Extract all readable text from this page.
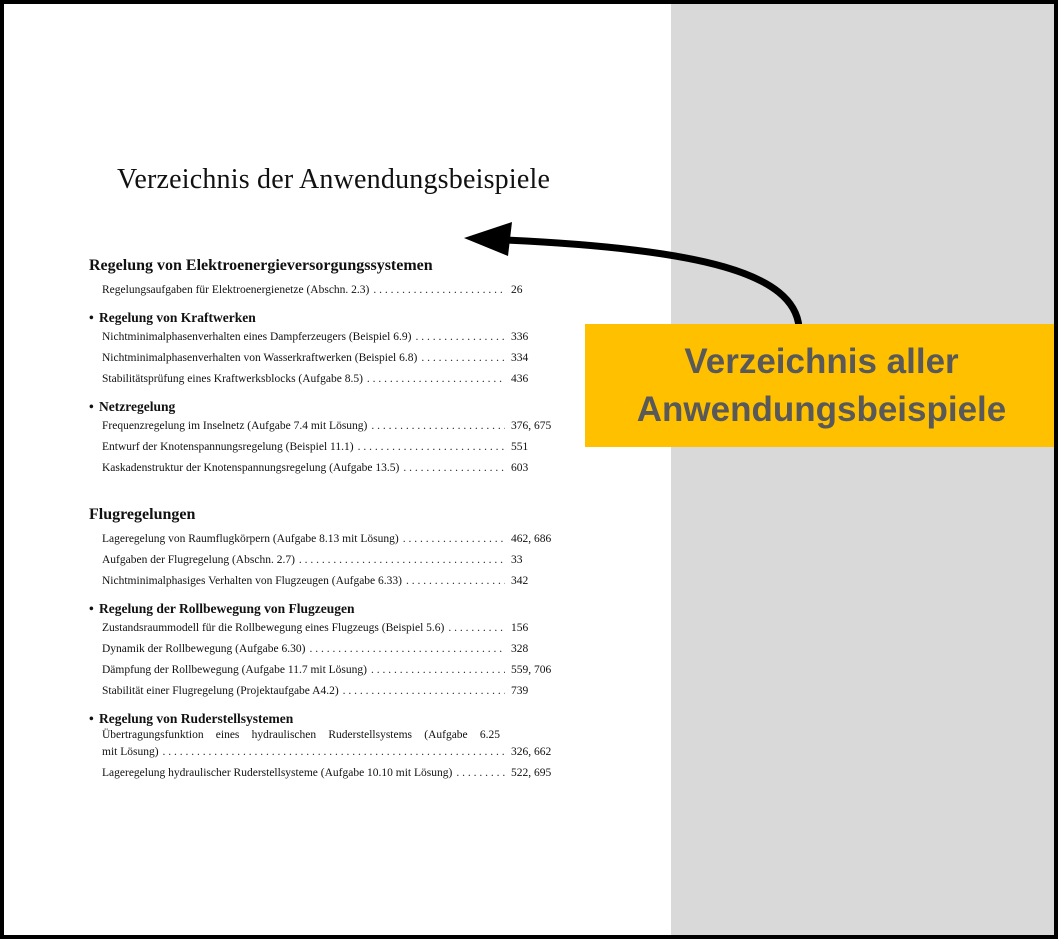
Verzeichnis der Anwendungsbeispiele
Regelung von Elektroenergieversorgungssystemen
Regelungsaufgaben für Elektroenergienetze (Abschn. 2.3) . . .	26
• Regelung von Kraftwerken
Nichtminimalphasenverhalten eines Dampferzeugers (Beispiel 6.9) . . .	336
Nichtminimalphasenverhalten von Wasserkraftwerken (Beispiel 6.8) . . .	334
Stabilitätsprüfung eines Kraftwerksblocks (Aufgabe 8.5) . . .	436
• Netzregelung
Frequenzregelung im Inselnetz (Aufgabe 7.4 mit Lösung) . . .	376, 675
Entwurf der Knotenspannungsregelung (Beispiel 11.1) . . .	551
Kaskadenstruktur der Knotenspannungsregelung (Aufgabe 13.5) . . .	603
Flugregelungen
Lageregelung von Raumflugkörpern (Aufgabe 8.13 mit Lösung) . . .	462, 686
Aufgaben der Flugregelung (Abschn. 2.7) . . .	33
Nichtminimalphasiges Verhalten von Flugzeugen (Aufgabe 6.33) . . .	342
• Regelung der Rollbewegung von Flugzeugen
Zustandsraummodell für die Rollbewegung eines Flugzeugs (Beispiel 5.6) . . .	156
Dynamik der Rollbewegung (Aufgabe 6.30) . . .	328
Dämpfung der Rollbewegung (Aufgabe 11.7 mit Lösung) . . .	559, 706
Stabilität einer Flugregelung (Projektaufgabe A4.2) . . .	739
• Regelung von Ruderstellsystemen
Übertragungsfunktion eines hydraulischen Ruderstellsystems (Aufgabe 6.25
mit Lösung) . . .	326, 662
Lageregelung hydraulischer Ruderstellsysteme (Aufgabe 10.10 mit Lösung) . . .	522, 695
Verzeichnis aller
Anwendungsbeispiele
